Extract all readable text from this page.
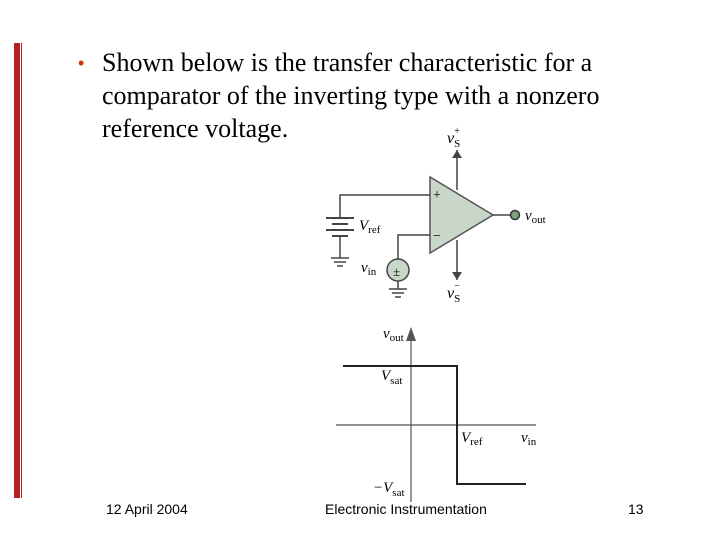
• Shown below is the transfer characteristic for a comparator of the inverting type with a nonzero reference voltage.
+
−
±
$v_S+$
$v_S-$
$v_{out}$
$V_{ref}$
$v_{in}$
$v_{out}$
$V_{sat}$
$V_{ref}$	$v_{in}$
$-V_{sat}$
12 April 2004	Electronic Instrumentation	13
